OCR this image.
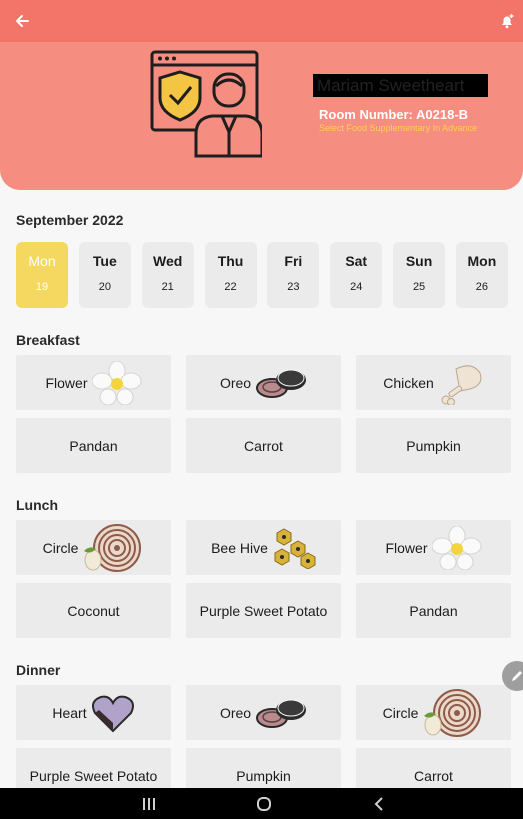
Mariam Sweetheart
Room Number: A0218-B
Select Food Supplementary In Advance
September 2022
Mon
19
Tue
20
Wed
21
Thu
22
Fri
23
Sat
24
Sun
25
Mon
26
Breakfast
Flower	Oreo	Chicken
Pandan	Carrot	Pumpkin
Lunch
Circle	Bee Hive	Flower
Coconut	Purple Sweet Potato	Pandan
Dinner
Heart	Oreo	Circle
Purple Sweet Potato	Pumpkin	Carrot
